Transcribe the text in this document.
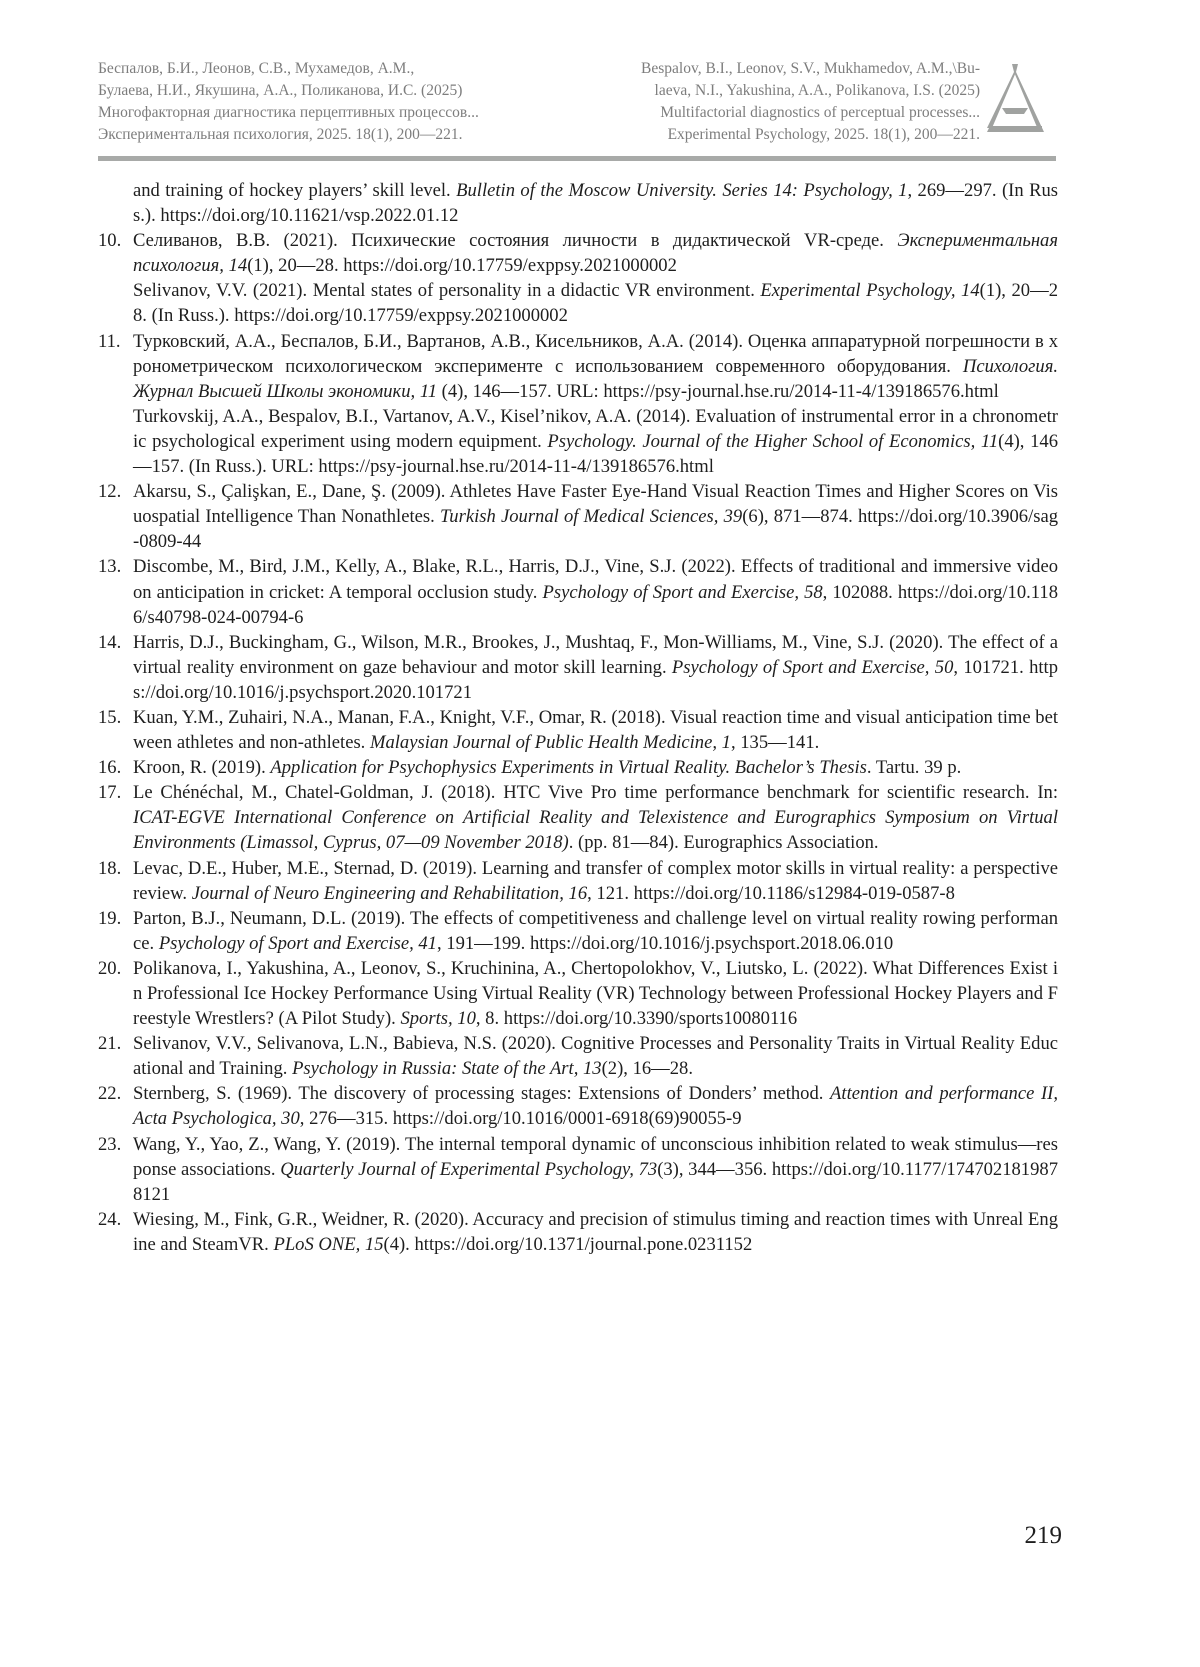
Беспалов, Б.И., Леонов, С.В., Мухамедов, А.М.,
Булаева, Н.И., Якушина, А.А., Поликанова, И.С. (2025)
Многофакторная диагностика перцептивных процессов...
Экспериментальная психология, 2025. 18(1), 200—221.
Bespalov, B.I., Leonov, S.V., Mukhamedov, A.M.,\Bu-
laeva, N.I., Yakushina, A.A., Polikanova, I.S. (2025)
Multifactorial diagnostics of perceptual processes...
Experimental Psychology, 2025. 18(1), 200—221.

and training of hockey players’ skill level. Bulletin of the Moscow University. Series 14: Psychology, 1, 269—297. (In Russ.). https://doi.org/10.11621/vsp.2022.01.12

10. Селиванов, В.В. (2021). Психические состояния личности в дидактической VR-среде. Экспериментальная психология, 14(1), 20—28. https://doi.org/10.17759/exppsy.2021000002

Selivanov, V.V. (2021). Mental states of personality in a didactic VR environment. Experimental Psychology, 14(1), 20—28. (In Russ.). https://doi.org/10.17759/exppsy.2021000002

11. Турковский, А.А., Беспалов, Б.И., Вартанов, А.В., Кисельников, А.А. (2014). Оценка аппаратурной погрешности в хронометрическом психологическом эксперименте с использованием современного оборудования. Психология. Журнал Высшей Школы экономики, 11 (4), 146—157. URL: https://psy-journal.hse.ru/2014-11-4/139186576.html

Turkovskij, A.A., Bespalov, B.I., Vartanov, A.V., Kisel’nikov, A.A. (2014). Evaluation of instrumental error in a chronometric psychological experiment using modern equipment. Psychology. Journal of the Higher School of Economics, 11(4), 146—157. (In Russ.). URL: https://psy-journal.hse.ru/2014-11-4/139186576.html

12. Akarsu, S., Çalişkan, E., Dane, Ş. (2009). Athletes Have Faster Eye-Hand Visual Reaction Times and Higher Scores on Visuospatial Intelligence Than Nonathletes. Turkish Journal of Medical Sciences, 39(6), 871—874. https://doi.org/10.3906/sag-0809-44

13. Discombe, M., Bird, J.M., Kelly, A., Blake, R.L., Harris, D.J., Vine, S.J. (2022). Effects of traditional and immersive video on anticipation in cricket: A temporal occlusion study. Psychology of Sport and Exercise, 58, 102088. https://doi.org/10.1186/s40798-024-00794-6

14. Harris, D.J., Buckingham, G., Wilson, M.R., Brookes, J., Mushtaq, F., Mon-Williams, M., Vine, S.J. (2020). The effect of a virtual reality environment on gaze behaviour and motor skill learning. Psychology of Sport and Exercise, 50, 101721. https://doi.org/10.1016/j.psychsport.2020.101721

15. Kuan, Y.M., Zuhairi, N.A., Manan, F.A., Knight, V.F., Omar, R. (2018). Visual reaction time and visual anticipation time between athletes and non-athletes. Malaysian Journal of Public Health Medicine, 1, 135—141.

16. Kroon, R. (2019). Application for Psychophysics Experiments in Virtual Reality. Bachelor’s Thesis. Tartu. 39 p.

17. Le Chénéchal, M., Chatel-Goldman, J. (2018). HTC Vive Pro time performance benchmark for scientific research. In: ICAT-EGVE International Conference on Artificial Reality and Telexistence and Eurographics Symposium on Virtual Environments (Limassol, Cyprus, 07—09 November 2018). (pp. 81—84). Eurographics Association.

18. Levac, D.E., Huber, M.E., Sternad, D. (2019). Learning and transfer of complex motor skills in virtual reality: a perspective review. Journal of Neuro Engineering and Rehabilitation, 16, 121. https://doi.org/10.1186/s12984-019-0587-8

19. Parton, B.J., Neumann, D.L. (2019). The effects of competitiveness and challenge level on virtual reality rowing performance. Psychology of Sport and Exercise, 41, 191—199. https://doi.org/10.1016/j.psychsport.2018.06.010

20. Polikanova, I., Yakushina, A., Leonov, S., Kruchinina, A., Chertopolokhov, V., Liutsko, L. (2022). What Differences Exist in Professional Ice Hockey Performance Using Virtual Reality (VR) Technology between Professional Hockey Players and Freestyle Wrestlers? (A Pilot Study). Sports, 10, 8. https://doi.org/10.3390/sports10080116

21. Selivanov, V.V., Selivanova, L.N., Babieva, N.S. (2020). Cognitive Processes and Personality Traits in Virtual Reality Educational and Training. Psychology in Russia: State of the Art, 13(2), 16—28.

22. Sternberg, S. (1969). The discovery of processing stages: Extensions of Donders’ method. Attention and performance II, Acta Psychologica, 30, 276—315. https://doi.org/10.1016/0001-6918(69)90055-9

23. Wang, Y., Yao, Z., Wang, Y. (2019). The internal temporal dynamic of unconscious inhibition related to weak stimulus—response associations. Quarterly Journal of Experimental Psychology, 73(3), 344—356. https://doi.org/10.1177/1747021819878121

24. Wiesing, M., Fink, G.R., Weidner, R. (2020). Accuracy and precision of stimulus timing and reaction times with Unreal Engine and SteamVR. PLoS ONE, 15(4). https://doi.org/10.1371/journal.pone.0231152

219
